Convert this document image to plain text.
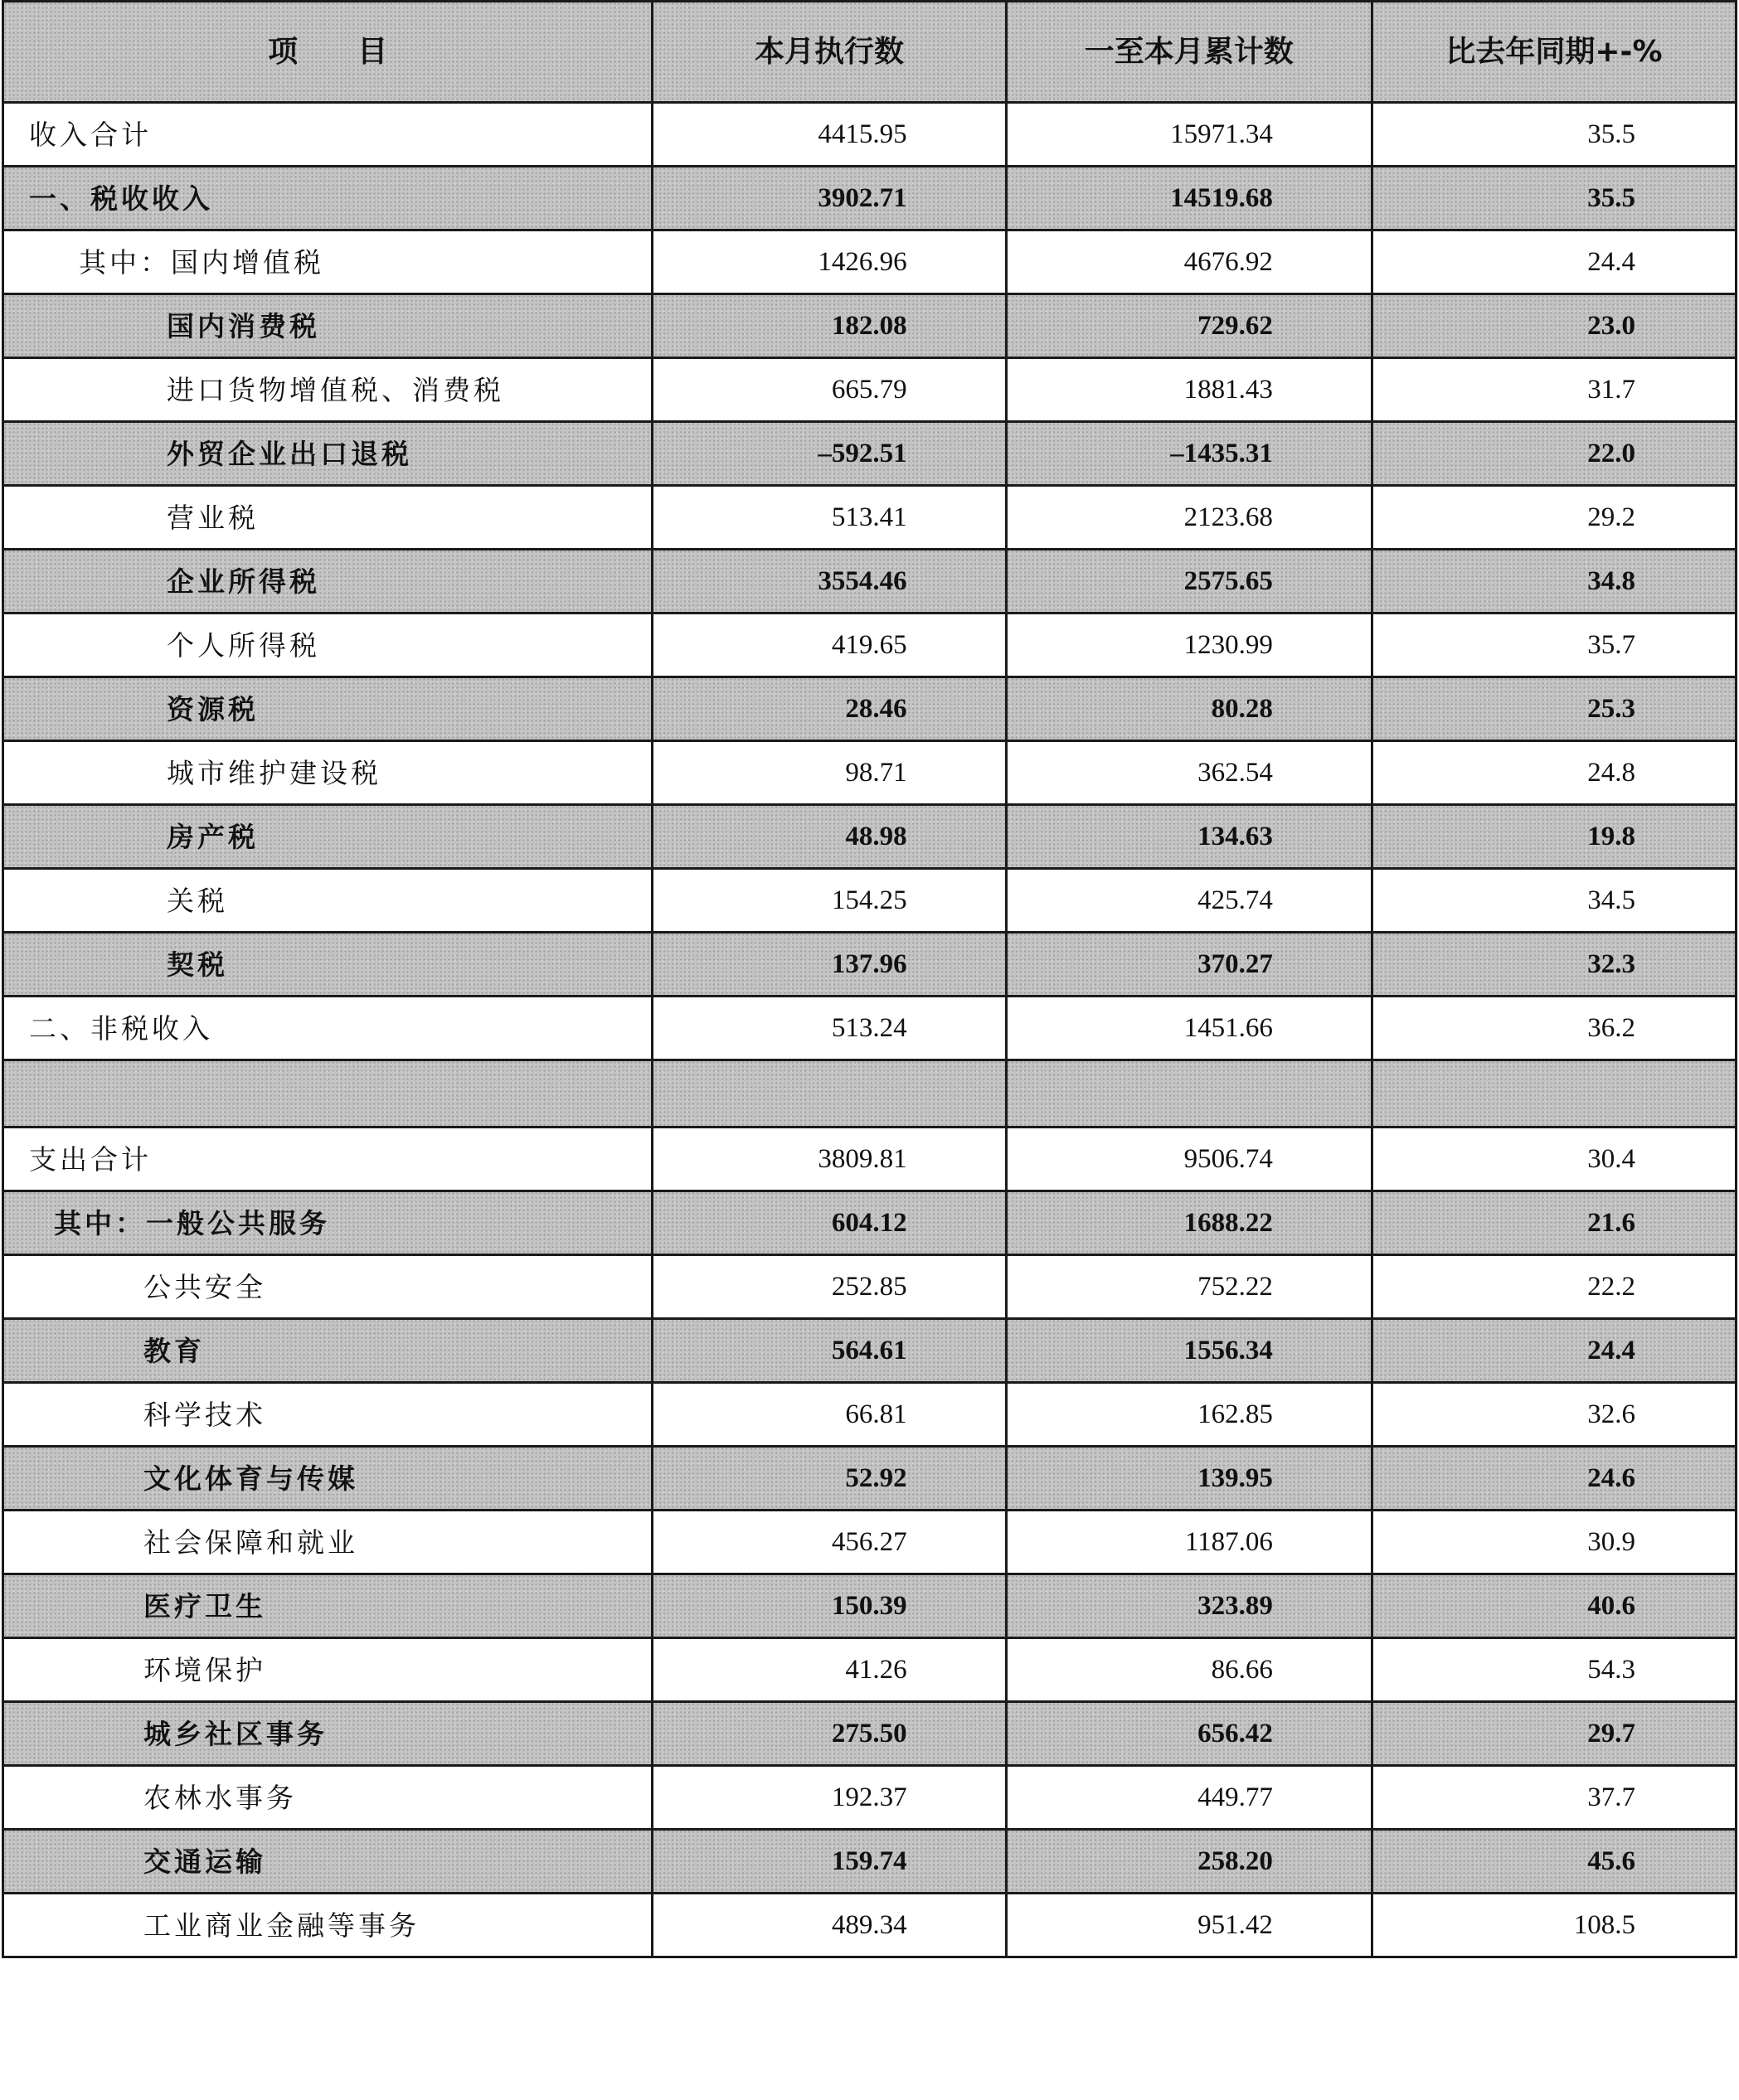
项　　目	本月执行数	一至本月累计数	比去年同期+-%
收入合计	4415.95	15971.34	35.5
一、税收收入	3902.71	14519.68	35.5
其中：国内增值税	1426.96	4676.92	24.4
国内消费税	182.08	729.62	23.0
进口货物增值税、消费税	665.79	1881.43	31.7
外贸企业出口退税	–592.51	–1435.31	22.0
营业税	513.41	2123.68	29.2
企业所得税	3554.46	2575.65	34.8
个人所得税	419.65	1230.99	35.7
资源税	28.46	80.28	25.3
城市维护建设税	98.71	362.54	24.8
房产税	48.98	134.63	19.8
关税	154.25	425.74	34.5
契税	137.96	370.27	32.3
二、非税收入	513.24	1451.66	36.2

支出合计	3809.81	9506.74	30.4
其中：一般公共服务	604.12	1688.22	21.6
公共安全	252.85	752.22	22.2
教育	564.61	1556.34	24.4
科学技术	66.81	162.85	32.6
文化体育与传媒	52.92	139.95	24.6
社会保障和就业	456.27	1187.06	30.9
医疗卫生	150.39	323.89	40.6
环境保护	41.26	86.66	54.3
城乡社区事务	275.50	656.42	29.7
农林水事务	192.37	449.77	37.7
交通运输	159.74	258.20	45.6
工业商业金融等事务	489.34	951.42	108.5
